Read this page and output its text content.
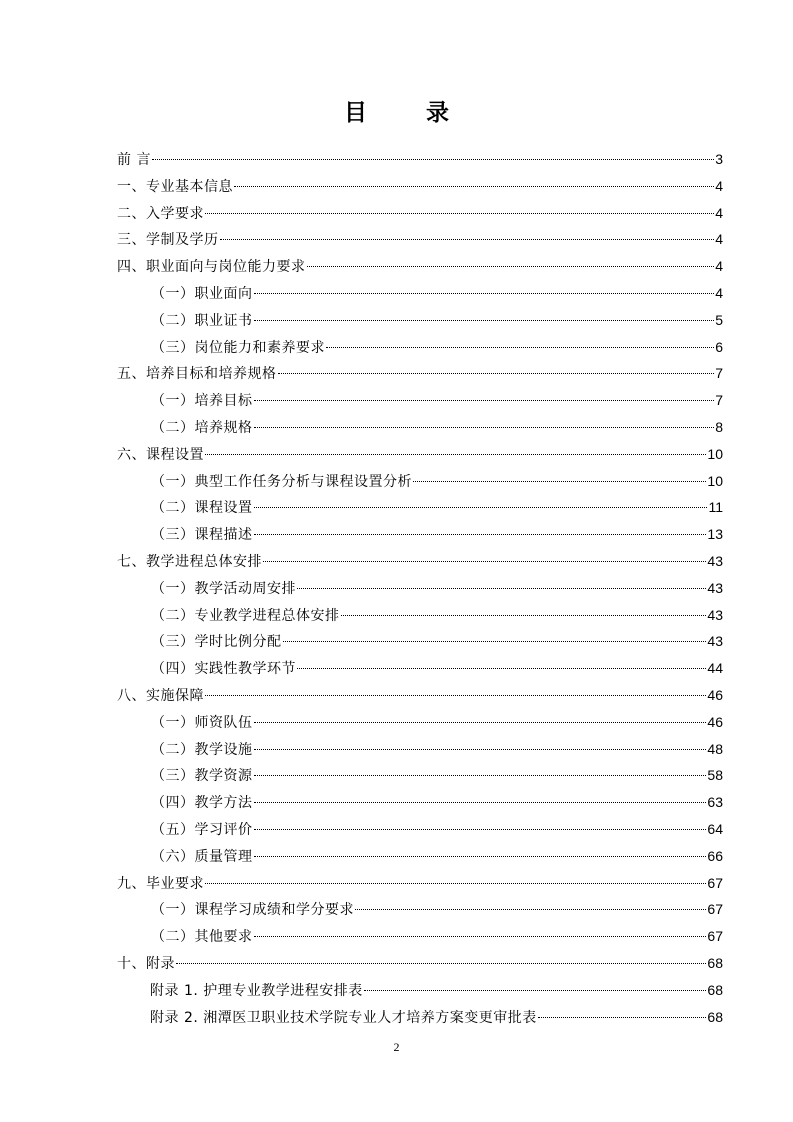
目　录
前 言	3
一、专业基本信息	4
二、入学要求	4
三、学制及学历	4
四、职业面向与岗位能力要求	4
（一）职业面向	4
（二）职业证书	5
（三）岗位能力和素养要求	6
五、培养目标和培养规格	7
（一）培养目标	7
（二）培养规格	8
六、课程设置	10
（一）典型工作任务分析与课程设置分析	10
（二）课程设置	11
（三）课程描述	13
七、教学进程总体安排	43
（一）教学活动周安排	43
（二）专业教学进程总体安排	43
（三）学时比例分配	43
（四）实践性教学环节	44
八、实施保障	46
（一）师资队伍	46
（二）教学设施	48
（三）教学资源	58
（四）教学方法	63
（五）学习评价	64
（六）质量管理	66
九、毕业要求	67
（一）课程学习成绩和学分要求	67
（二）其他要求	67
十、附录	68
附录 1. 护理专业教学进程安排表	68
附录 2. 湘潭医卫职业技术学院专业人才培养方案变更审批表	68
2
